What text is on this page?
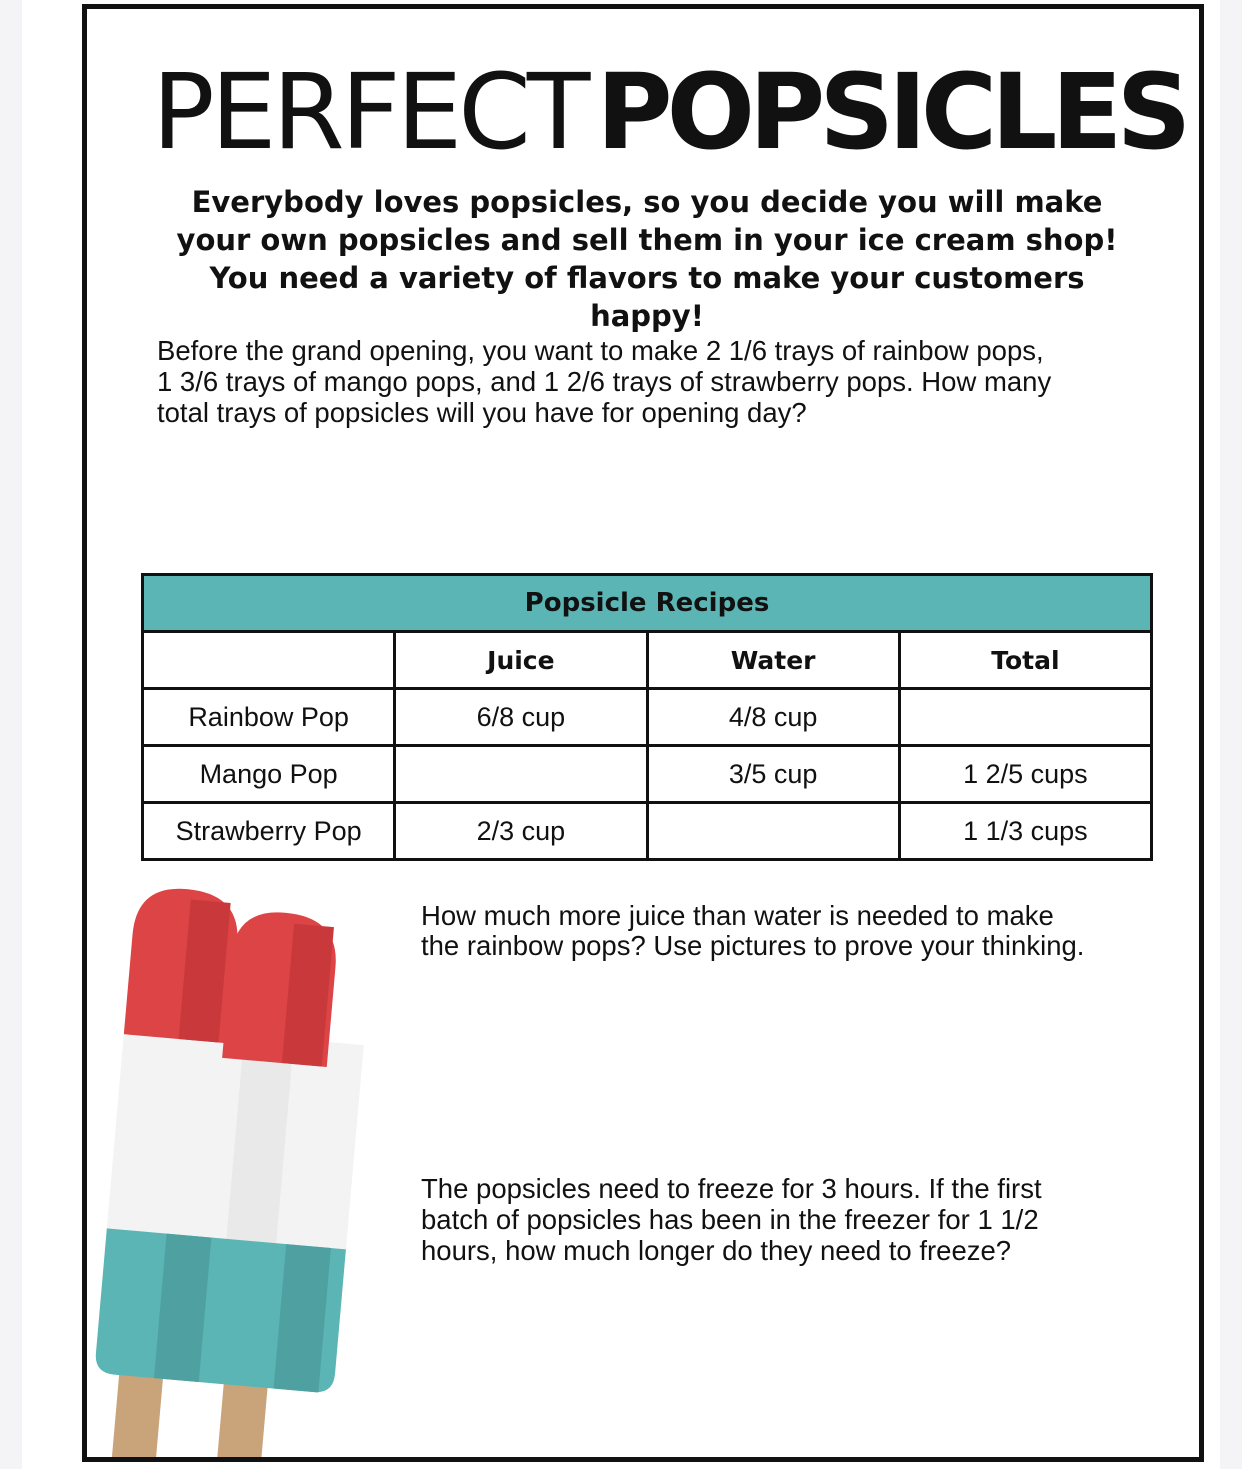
PERFECTPOPSICLES
Everybody loves popsicles, so you decide you will make your own popsicles and sell them in your ice cream shop! You need a variety of flavors to make your customers happy!
Before the grand opening, you want to make 2 1/6 trays of rainbow pops,
1 3/6 trays of mango pops, and 1 2/6 trays of strawberry pops. How many
total trays of popsicles will you have for opening day?
Popsicle Recipes			
	Juice	Water	Total
Rainbow Pop	6/8 cup	4/8 cup	
Mango Pop		3/5 cup	1 2/5 cups
Strawberry Pop	2/3 cup		1 1/3 cups
How much more juice than water is needed to make
the rainbow pops? Use pictures to prove your thinking.
The popsicles need to freeze for 3 hours. If the first
batch of popsicles has been in the freezer for 1 1/2
hours, how much longer do they need to freeze?
